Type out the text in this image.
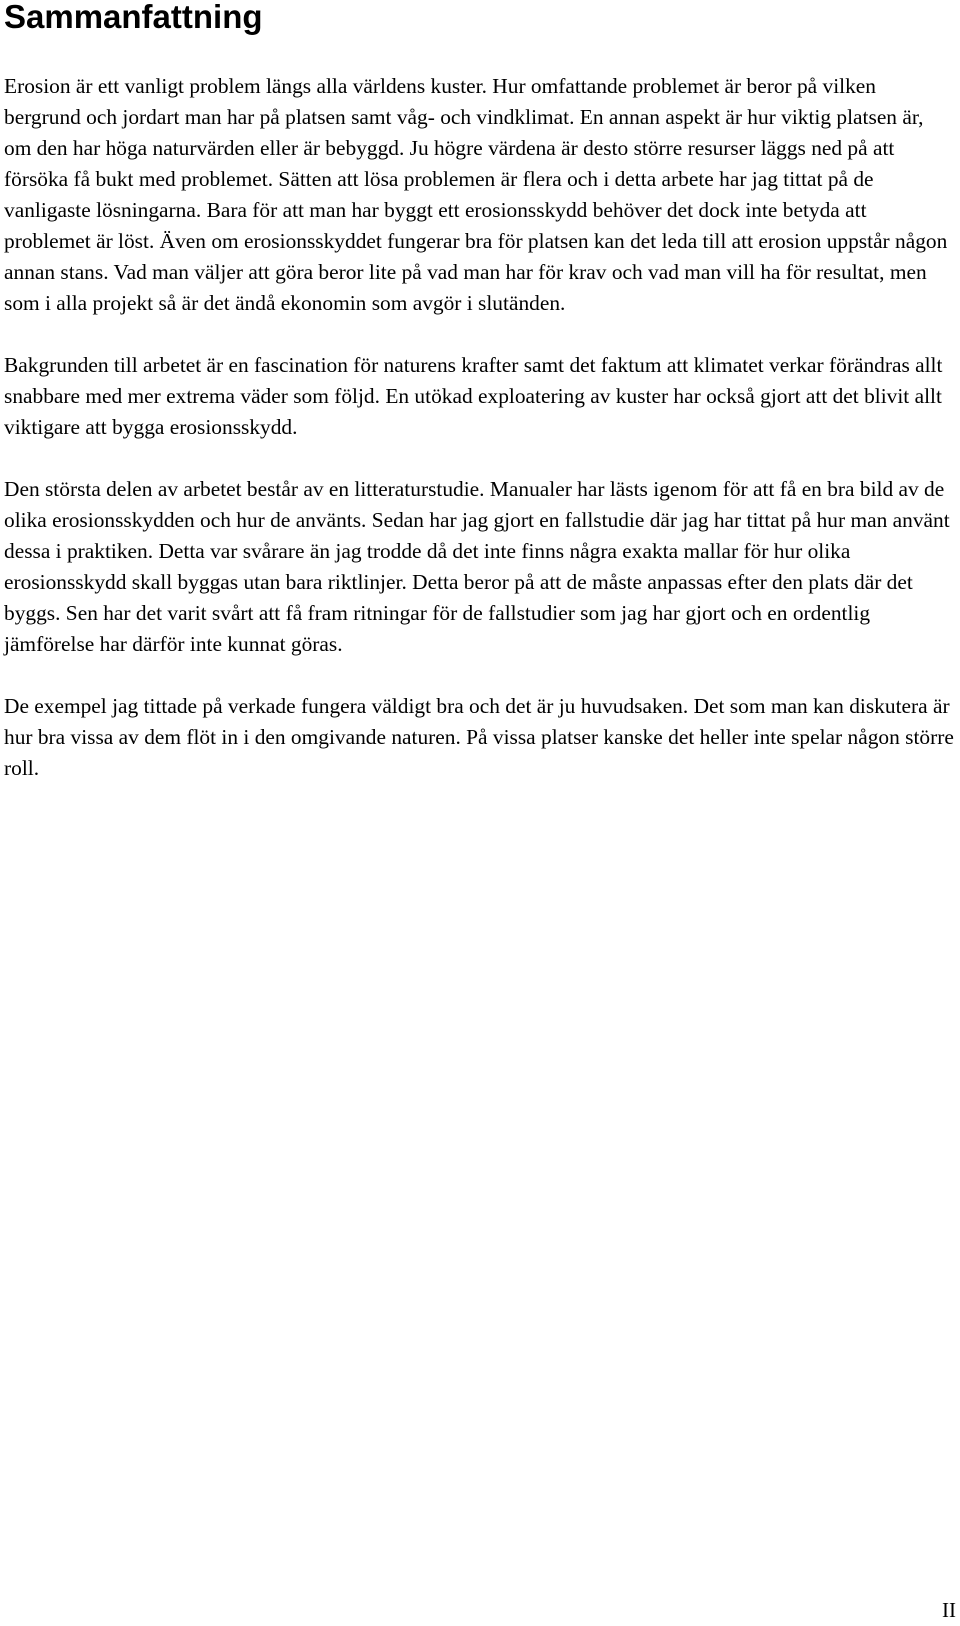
Sammanfattning

Erosion är ett vanligt problem längs alla världens kuster. Hur omfattande problemet är beror på vilken bergrund och jordart man har på platsen samt våg- och vindklimat. En annan aspekt är hur viktig platsen är, om den har höga naturvärden eller är bebyggd. Ju högre värdena är desto större resurser läggs ned på att försöka få bukt med problemet. Sätten att lösa problemen är flera och i detta arbete har jag tittat på de vanligaste lösningarna. Bara för att man har byggt ett erosionsskydd behöver det dock inte betyda att problemet är löst. Även om erosionsskyddet fungerar bra för platsen kan det leda till att erosion uppstår någon annan stans. Vad man väljer att göra beror lite på vad man har för krav och vad man vill ha för resultat, men som i alla projekt så är det ändå ekonomin som avgör i slutänden.

Bakgrunden till arbetet är en fascination för naturens krafter samt det faktum att klimatet verkar förändras allt snabbare med mer extrema väder som följd. En utökad exploatering av kuster har också gjort att det blivit allt viktigare att bygga erosionsskydd.

Den största delen av arbetet består av en litteraturstudie. Manualer har lästs igenom för att få en bra bild av de olika erosionsskydden och hur de använts. Sedan har jag gjort en fallstudie där jag har tittat på hur man använt dessa i praktiken. Detta var svårare än jag trodde då det inte finns några exakta mallar för hur olika erosionsskydd skall byggas utan bara riktlinjer. Detta beror på att de måste anpassas efter den plats där det byggs. Sen har det varit svårt att få fram ritningar för de fallstudier som jag har gjort och en ordentlig jämförelse har därför inte kunnat göras.

De exempel jag tittade på verkade fungera väldigt bra och det är ju huvudsaken. Det som man kan diskutera är hur bra vissa av dem flöt in i den omgivande naturen. På vissa platser kanske det heller inte spelar någon större roll.

II
